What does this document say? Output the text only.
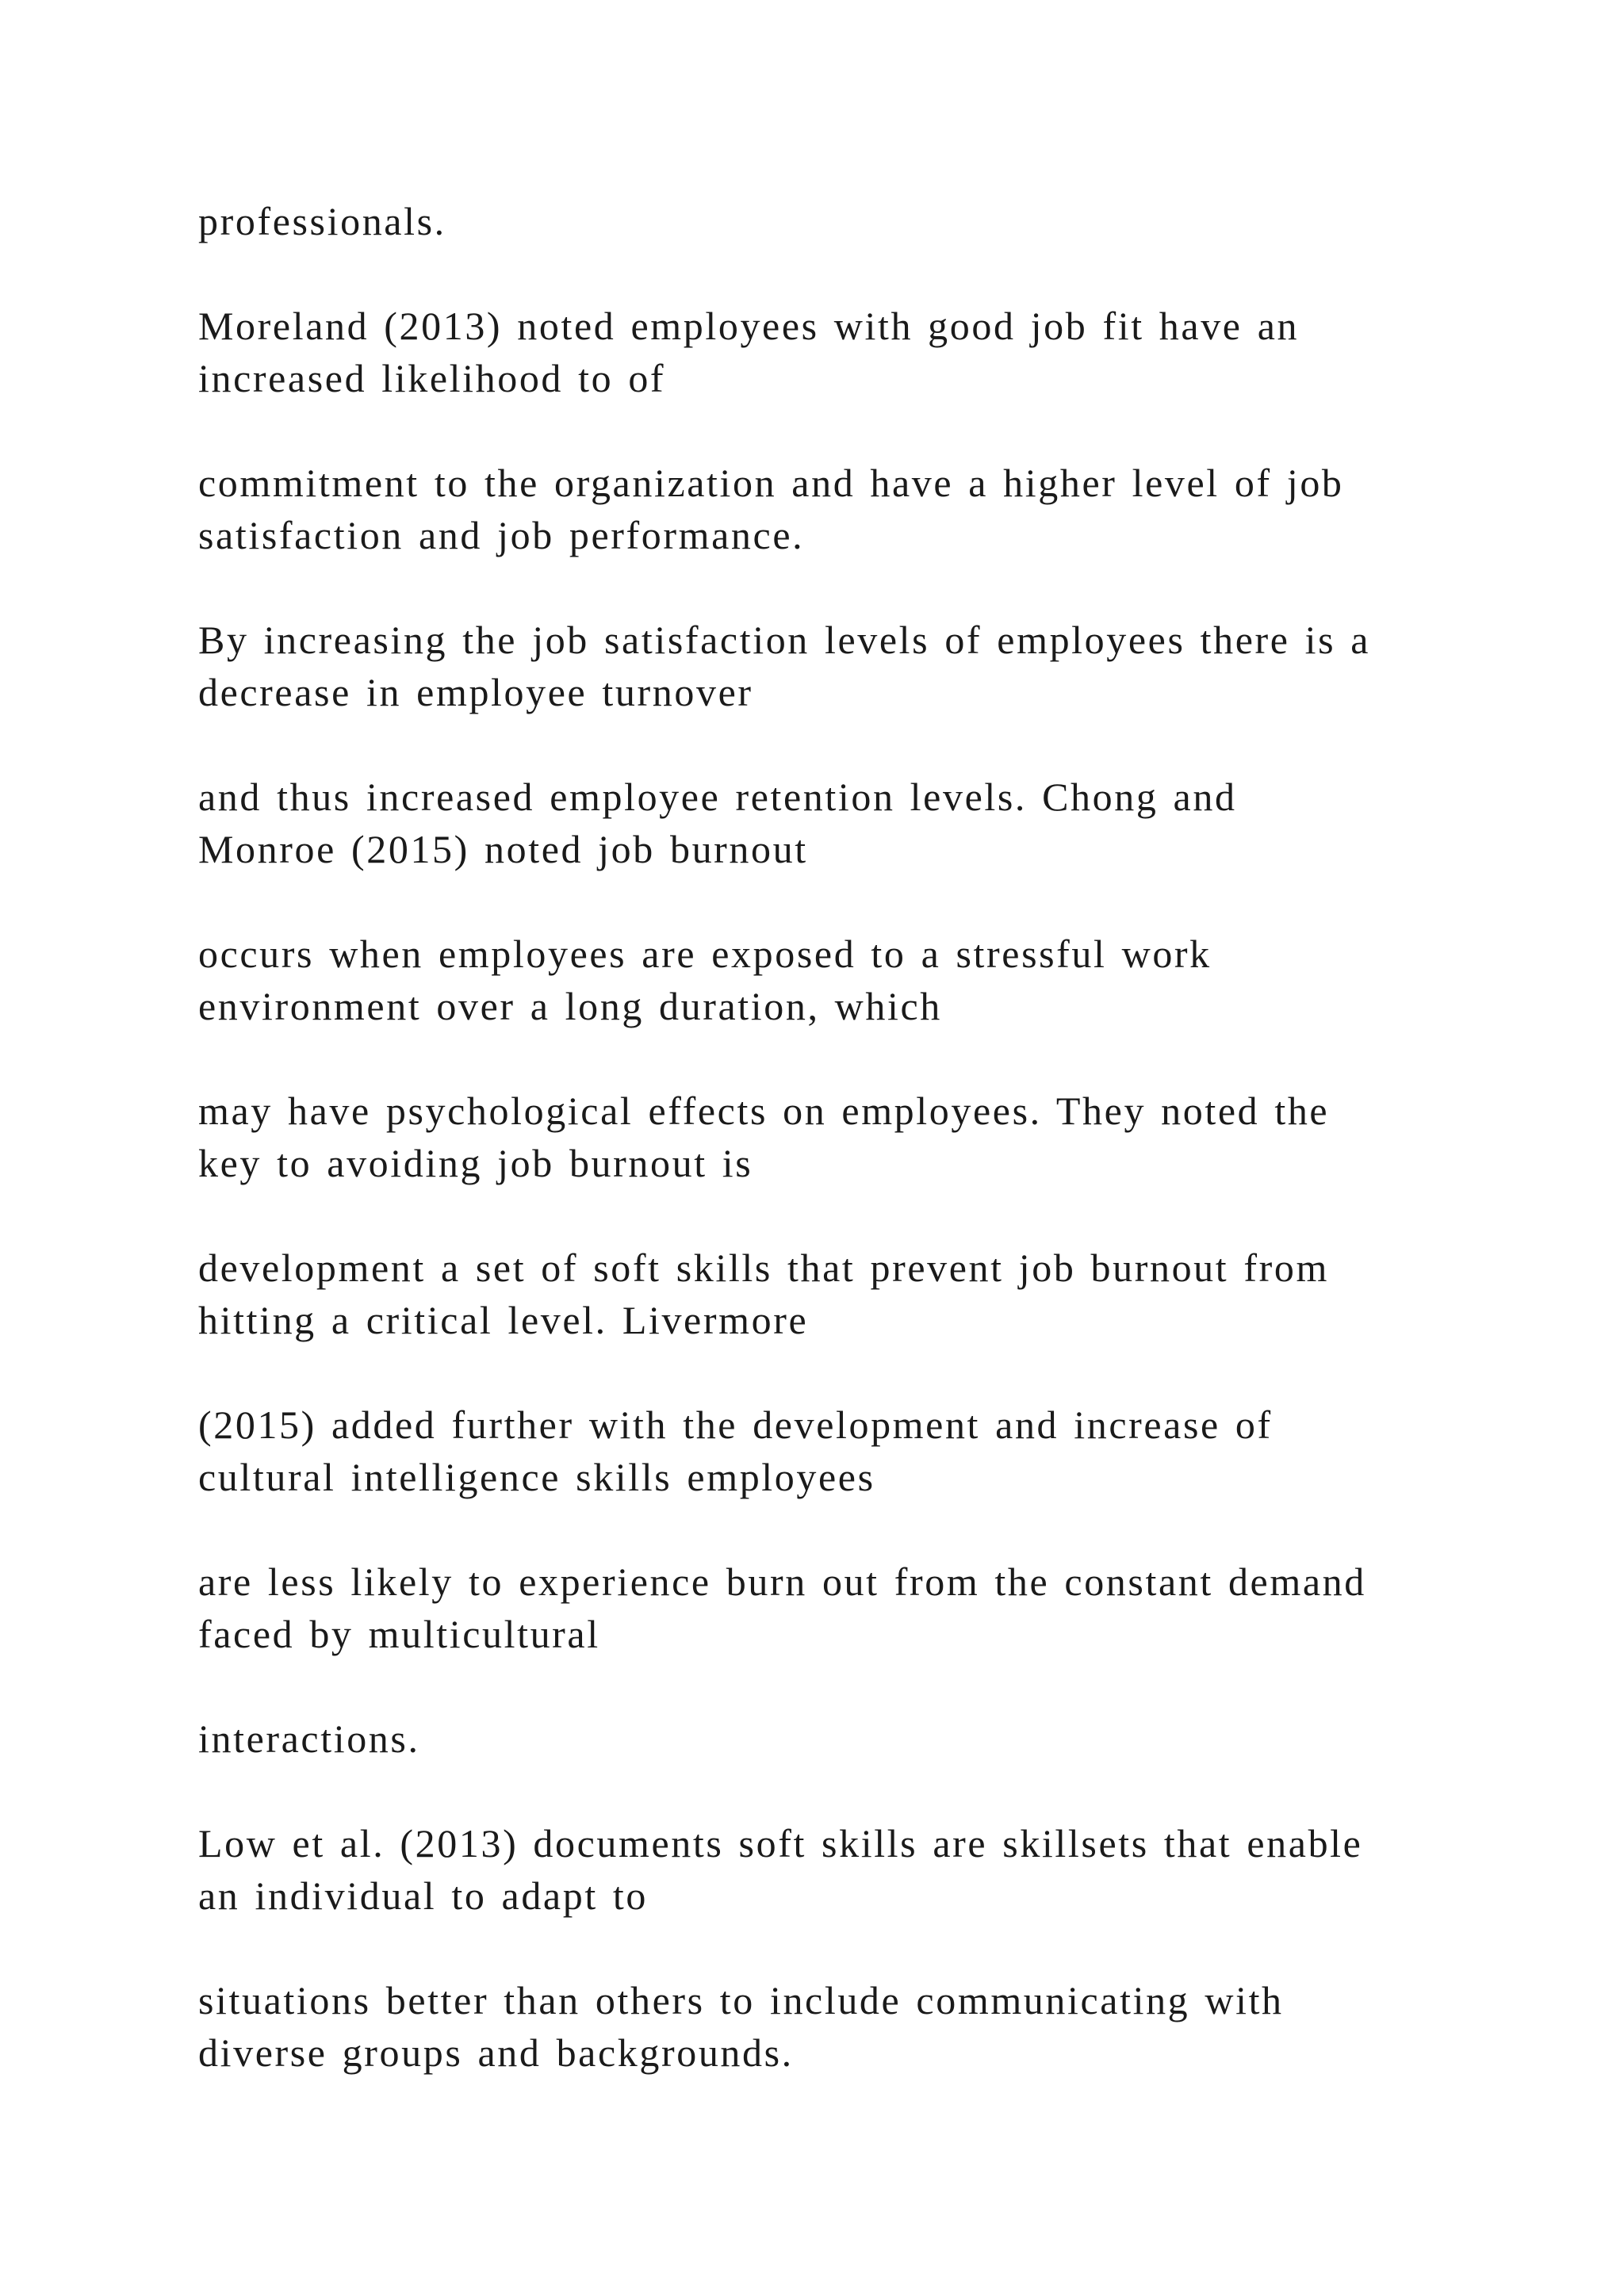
professionals.
Moreland (2013) noted employees with good job fit have an
increased likelihood to of
commitment to the organization and have a higher level of job
satisfaction and job performance.
By increasing the job satisfaction levels of employees there is a
decrease in employee turnover
and thus increased employee retention levels. Chong and
Monroe (2015) noted job burnout
occurs when employees are exposed to a stressful work
environment over a long duration, which
may have psychological effects on employees. They noted the
key to avoiding job burnout is
development a set of soft skills that prevent job burnout from
hitting a critical level. Livermore
(2015) added further with the development and increase of
cultural intelligence skills employees
are less likely to experience burn out from the constant demand
faced by multicultural
interactions.
Low et al. (2013) documents soft skills are skillsets that enable
an individual to adapt to
situations better than others to include communicating with
diverse groups and backgrounds.
